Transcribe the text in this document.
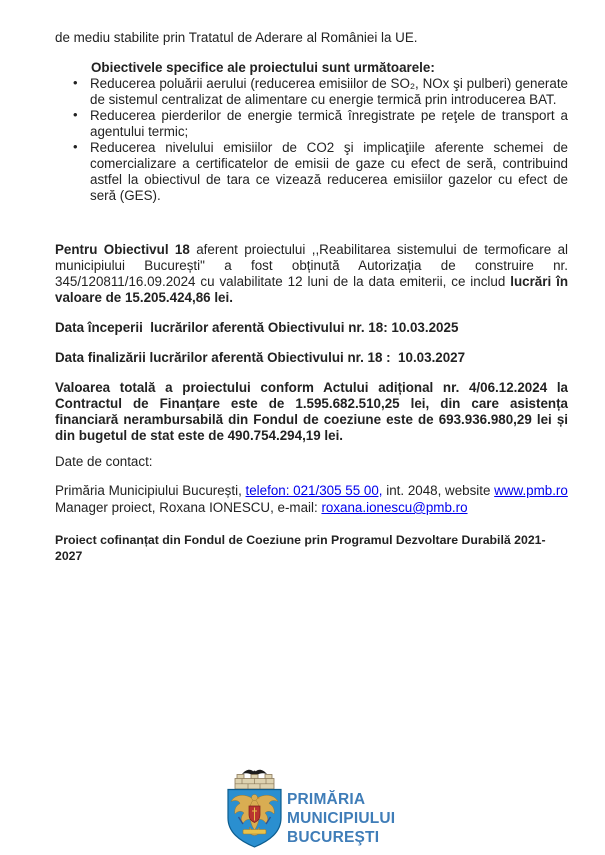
de mediu stabilite prin Tratatul de Aderare al României la UE.

Obiectivele specifice ale proiectului sunt următoarele:

• Reducerea poluării aerului (reducerea emisiilor de SO₂, NOx şi pulberi) generate de sistemul centralizat de alimentare cu energie termică prin introducerea BAT.
• Reducerea pierderilor de energie termică înregistrate pe reţele de transport a agentului termic;
• Reducerea nivelului emisiilor de CO2 şi implicaţiile aferente schemei de comercializare a certificatelor de emisii de gaze cu efect de seră, contribuind astfel la obiectivul de tara ce vizează reducerea emisiilor gazelor cu efect de seră (GES).

Pentru Obiectivul 18 aferent proiectului ,,Reabilitarea sistemului de termoficare al municipiului București" a fost obținută Autorizația de construire nr. 345/120811/16.09.2024 cu valabilitate 12 luni de la data emiterii, ce includ lucrări în valoare de 15.205.424,86 lei.

Data începerii  lucrărilor aferentă Obiectivului nr. 18: 10.03.2025

Data finalizării lucrărilor aferentă Obiectivului nr. 18 :  10.03.2027

Valoarea totală a proiectului conform Actului adițional nr. 4/06.12.2024 la Contractul de Finanțare este de 1.595.682.510,25 lei, din care asistența financiară nerambursabilă din Fondul de coeziune este de 693.936.980,29 lei și din bugetul de stat este de 490.754.294,19 lei.

Date de contact:

Primăria Municipiului București, telefon: 021/305 55 00, int. 2048, website www.pmb.ro
Manager proiect, Roxana IONESCU, e-mail: roxana.ionescu@pmb.ro

Proiect cofinanțat din Fondul de Coeziune prin Programul Dezvoltare Durabilă 2021-2027

PRIMĂRIA
MUNICIPIULUI
BUCUREŞTI
